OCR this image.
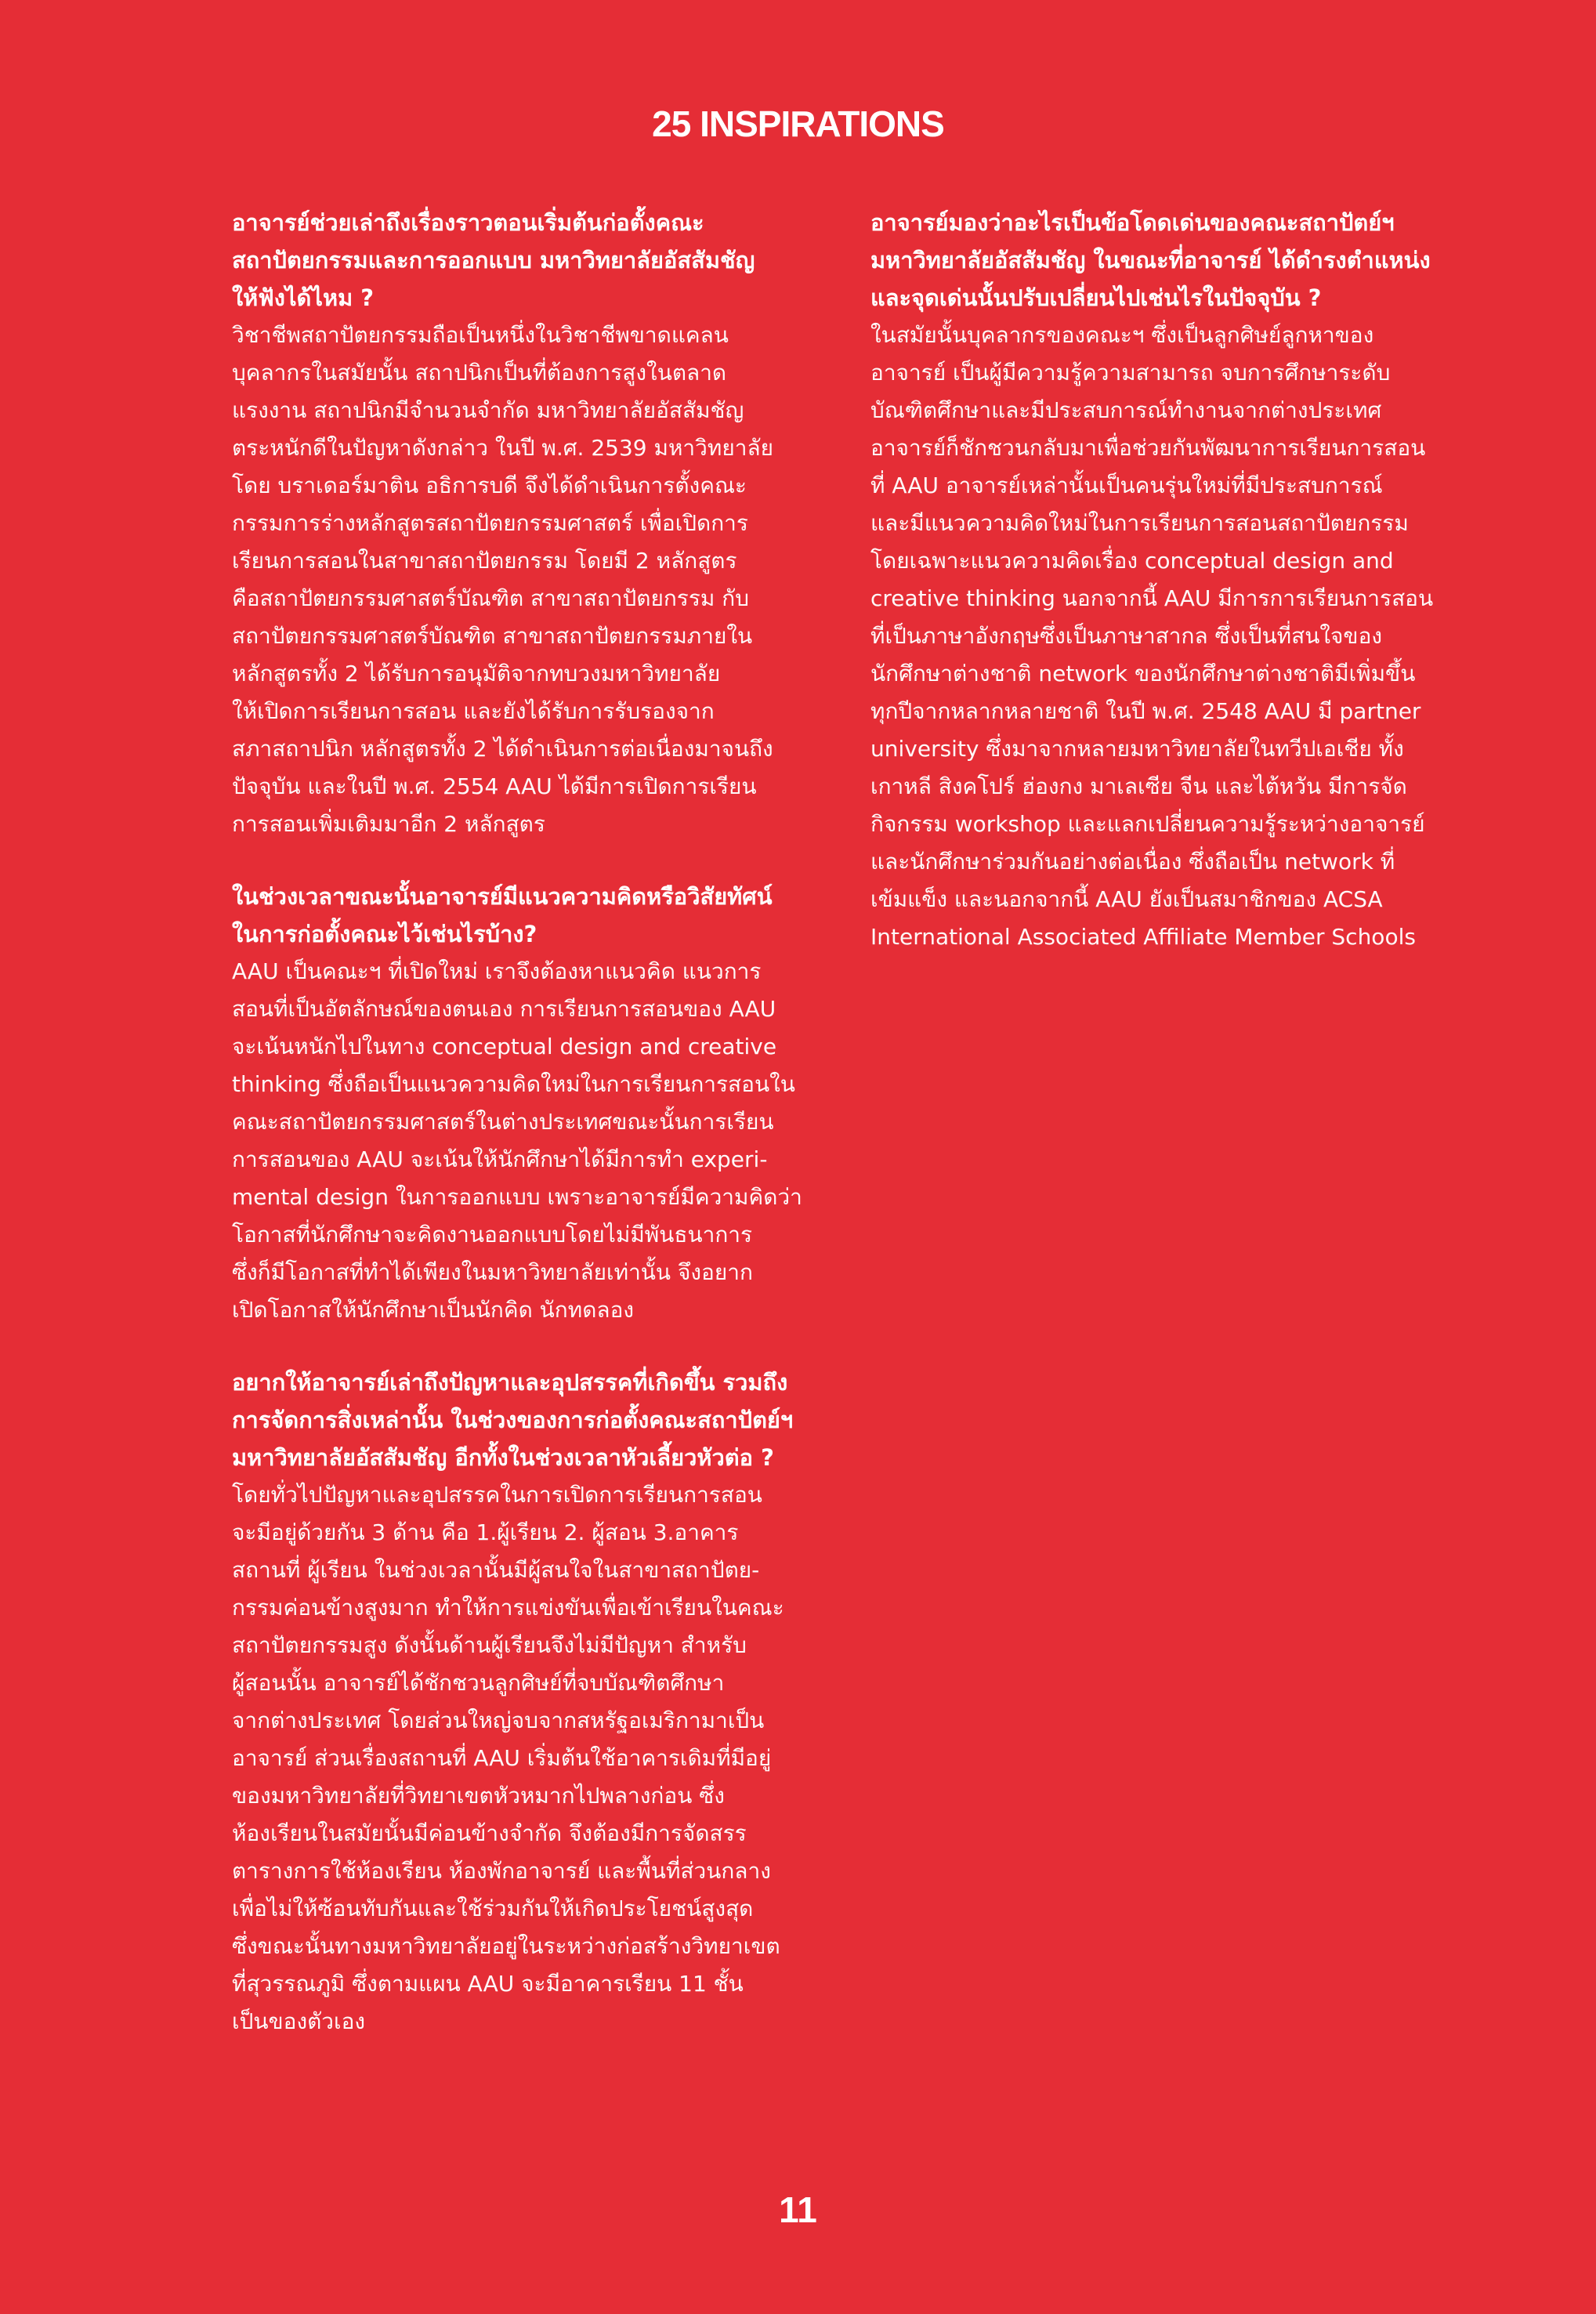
25 INSPIRATIONS

อาจารย์ช่วยเล่าถึงเรื่องราวตอนเริ่มต้นก่อตั้งคณะ
สถาปัตยกรรมและการออกแบบ มหาวิทยาลัยอัสสัมชัญ
ให้ฟังได้ไหม ?

วิชาชีพสถาปัตยกรรมถือเป็นหนึ่งในวิชาชีพขาดแคลน
บุคลากรในสมัยนั้น สถาปนิกเป็นที่ต้องการสูงในตลาด
แรงงาน สถาปนิกมีจำนวนจำกัด มหาวิทยาลัยอัสสัมชัญ
ตระหนักดีในปัญหาดังกล่าว ในปี พ.ศ. 2539 มหาวิทยาลัย
โดย บราเดอร์มาติน อธิการบดี จึงได้ดำเนินการตั้งคณะ
กรรมการร่างหลักสูตรสถาปัตยกรรมศาสตร์ เพื่อเปิดการ
เรียนการสอนในสาขาสถาปัตยกรรม โดยมี 2 หลักสูตร
คือสถาปัตยกรรมศาสตร์บัณฑิต สาขาสถาปัตยกรรม กับ
สถาปัตยกรรมศาสตร์บัณฑิต สาขาสถาปัตยกรรมภายใน
หลักสูตรทั้ง 2 ได้รับการอนุมัติจากทบวงมหาวิทยาลัย
ให้เปิดการเรียนการสอน และยังได้รับการรับรองจาก
สภาสถาปนิก หลักสูตรทั้ง 2 ได้ดำเนินการต่อเนื่องมาจนถึง
ปัจจุบัน และในปี พ.ศ. 2554 AAU ได้มีการเปิดการเรียน
การสอนเพิ่มเติมมาอีก 2 หลักสูตร

ในช่วงเวลาขณะนั้นอาจารย์มีแนวความคิดหรือวิสัยทัศน์
ในการก่อตั้งคณะไว้เช่นไรบ้าง?

AAU เป็นคณะฯ ที่เปิดใหม่ เราจึงต้องหาแนวคิด แนวการ
สอนที่เป็นอัตลักษณ์ของตนเอง การเรียนการสอนของ AAU
จะเน้นหนักไปในทาง conceptual design and creative
thinking ซึ่งถือเป็นแนวความคิดใหม่ในการเรียนการสอนใน
คณะสถาปัตยกรรมศาสตร์ในต่างประเทศขณะนั้นการเรียน
การสอนของ AAU จะเน้นให้นักศึกษาได้มีการทำ experi-
mental design ในการออกแบบ เพราะอาจารย์มีความคิดว่า
โอกาสที่นักศึกษาจะคิดงานออกแบบโดยไม่มีพันธนาการ
ซึ่งก็มีโอกาสที่ทำได้เพียงในมหาวิทยาลัยเท่านั้น จึงอยาก
เปิดโอกาสให้นักศึกษาเป็นนักคิด นักทดลอง

อยากให้อาจารย์เล่าถึงปัญหาและอุปสรรคที่เกิดขึ้น รวมถึง
การจัดการสิ่งเหล่านั้น ในช่วงของการก่อตั้งคณะสถาปัตย์ฯ
มหาวิทยาลัยอัสสัมชัญ อีกทั้งในช่วงเวลาหัวเลี้ยวหัวต่อ ?

โดยทั่วไปปัญหาและอุปสรรคในการเปิดการเรียนการสอน
จะมีอยู่ด้วยกัน 3 ด้าน คือ 1.ผู้เรียน 2. ผู้สอน 3.อาคาร
สถานที่ ผู้เรียน ในช่วงเวลานั้นมีผู้สนใจในสาขาสถาปัตย-
กรรมค่อนข้างสูงมาก ทำให้การแข่งขันเพื่อเข้าเรียนในคณะ
สถาปัตยกรรมสูง ดังนั้นด้านผู้เรียนจึงไม่มีปัญหา สำหรับ
ผู้สอนนั้น อาจารย์ได้ชักชวนลูกศิษย์ที่จบบัณฑิตศึกษา
จากต่างประเทศ โดยส่วนใหญ่จบจากสหรัฐอเมริกามาเป็น
อาจารย์ ส่วนเรื่องสถานที่ AAU เริ่มต้นใช้อาคารเดิมที่มีอยู่
ของมหาวิทยาลัยที่วิทยาเขตหัวหมากไปพลางก่อน ซึ่ง
ห้องเรียนในสมัยนั้นมีค่อนข้างจำกัด จึงต้องมีการจัดสรร
ตารางการใช้ห้องเรียน ห้องพักอาจารย์ และพื้นที่ส่วนกลาง
เพื่อไม่ให้ซ้อนทับกันและใช้ร่วมกันให้เกิดประโยชน์สูงสุด
ซึ่งขณะนั้นทางมหาวิทยาลัยอยู่ในระหว่างก่อสร้างวิทยาเขต
ที่สุวรรณภูมิ ซึ่งตามแผน AAU จะมีอาคารเรียน 11 ชั้น
เป็นของตัวเอง

อาจารย์มองว่าอะไรเป็นข้อโดดเด่นของคณะสถาปัตย์ฯ
มหาวิทยาลัยอัสสัมชัญ ในขณะที่อาจารย์ ได้ดำรงตำแหน่ง
และจุดเด่นนั้นปรับเปลี่ยนไปเช่นไรในปัจจุบัน ?

ในสมัยนั้นบุคลากรของคณะฯ ซึ่งเป็นลูกศิษย์ลูกหาของ
อาจารย์ เป็นผู้มีความรู้ความสามารถ จบการศึกษาระดับ
บัณฑิตศึกษาและมีประสบการณ์ทำงานจากต่างประเทศ
อาจารย์ก็ชักชวนกลับมาเพื่อช่วยกันพัฒนาการเรียนการสอน
ที่ AAU อาจารย์เหล่านั้นเป็นคนรุ่นใหม่ที่มีประสบการณ์
และมีแนวความคิดใหม่ในการเรียนการสอนสถาปัตยกรรม
โดยเฉพาะแนวความคิดเรื่อง conceptual design and
creative thinking นอกจากนี้ AAU มีการการเรียนการสอน
ที่เป็นภาษาอังกฤษซึ่งเป็นภาษาสากล ซึ่งเป็นที่สนใจของ
นักศึกษาต่างชาติ network ของนักศึกษาต่างชาติมีเพิ่มขึ้น
ทุกปีจากหลากหลายชาติ ในปี พ.ศ. 2548 AAU มี partner
university ซึ่งมาจากหลายมหาวิทยาลัยในทวีปเอเชีย ทั้ง
เกาหลี สิงคโปร์ ฮ่องกง มาเลเซีย จีน และไต้หวัน มีการจัด
กิจกรรม workshop และแลกเปลี่ยนความรู้ระหว่างอาจารย์
และนักศึกษาร่วมกันอย่างต่อเนื่อง ซึ่งถือเป็น network ที่
เข้มแข็ง และนอกจากนี้ AAU ยังเป็นสมาชิกของ ACSA
International Associated Affiliate Member Schools

11
